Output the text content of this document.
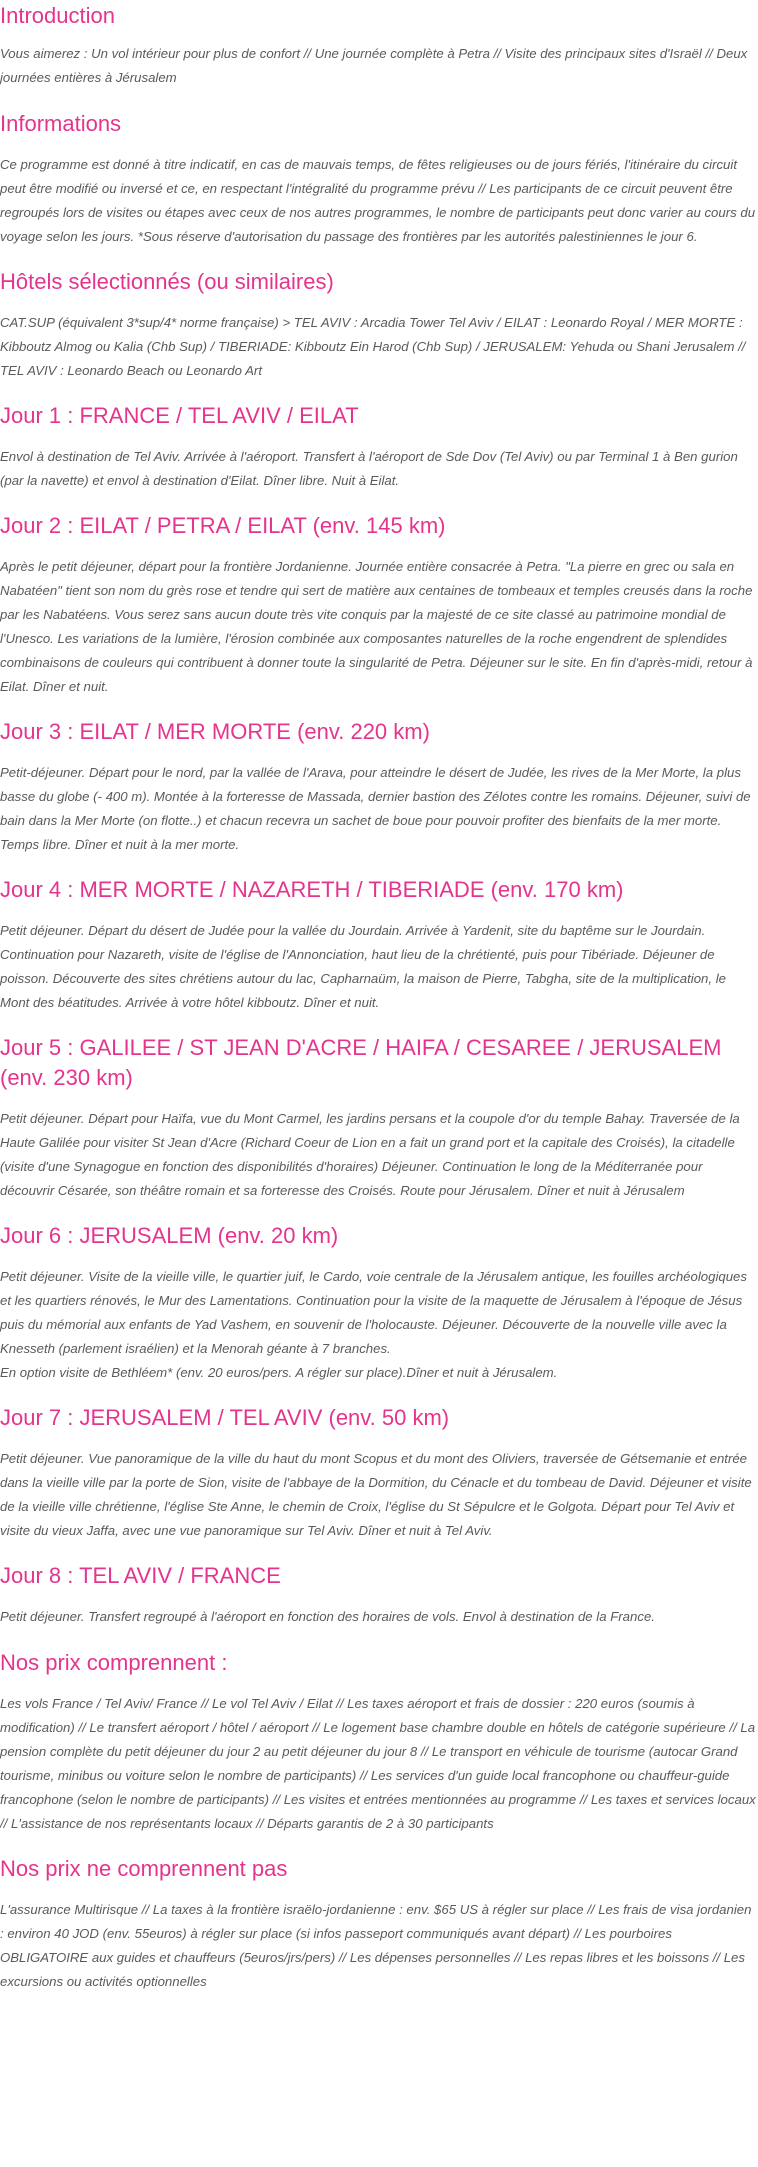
Introduction

Vous aimerez : Un vol intérieur pour plus de confort // Une journée complète à Petra // Visite des principaux sites d'Israël // Deux journées entières à Jérusalem

Informations

Ce programme est donné à titre indicatif, en cas de mauvais temps, de fêtes religieuses ou de jours fériés, l'itinéraire du circuit peut être modifié ou inversé et ce, en respectant l'intégralité du programme prévu // Les participants de ce circuit peuvent être regroupés lors de visites ou étapes avec ceux de nos autres programmes, le nombre de participants peut donc varier au cours du voyage selon les jours. *Sous réserve d'autorisation du passage des frontières par les autorités palestiniennes le jour 6.

Hôtels sélectionnés (ou similaires)

CAT.SUP (équivalent 3*sup/4* norme française) > TEL AVIV : Arcadia Tower Tel Aviv / EILAT : Leonardo Royal / MER MORTE : Kibboutz Almog ou Kalia (Chb Sup) / TIBERIADE: Kibboutz Ein Harod (Chb Sup) / JERUSALEM: Yehuda ou Shani Jerusalem // TEL AVIV : Leonardo Beach ou Leonardo Art

Jour 1 : FRANCE / TEL AVIV / EILAT

Envol à destination de Tel Aviv. Arrivée à l'aéroport. Transfert à l'aéroport de Sde Dov (Tel Aviv) ou par Terminal 1 à Ben gurion (par la navette) et envol à destination d'Eilat. Dîner libre. Nuit à Eilat.

Jour 2 : EILAT / PETRA / EILAT (env. 145 km)

Après le petit déjeuner, départ pour la frontière Jordanienne. Journée entière consacrée à Petra. "La pierre en grec ou sala en Nabatéen" tient son nom du grès rose et tendre qui sert de matière aux centaines de tombeaux et temples creusés dans la roche par les Nabatéens. Vous serez sans aucun doute très vite conquis par la majesté de ce site classé au patrimoine mondial de l'Unesco. Les variations de la lumière, l'érosion combinée aux composantes naturelles de la roche engendrent de splendides combinaisons de couleurs qui contribuent à donner toute la singularité de Petra. Déjeuner sur le site. En fin d'après-midi, retour à Eilat. Dîner et nuit.

Jour 3 : EILAT / MER MORTE (env. 220 km)

Petit-déjeuner. Départ pour le nord, par la vallée de l'Arava, pour atteindre le désert de Judée, les rives de la Mer Morte, la plus basse du globe (- 400 m). Montée à la forteresse de Massada, dernier bastion des Zélotes contre les romains. Déjeuner, suivi de bain dans la Mer Morte (on flotte..) et chacun recevra un sachet de boue pour pouvoir profiter des bienfaits de la mer morte. Temps libre. Dîner et nuit à la mer morte.

Jour 4 : MER MORTE / NAZARETH / TIBERIADE (env. 170 km)

Petit déjeuner. Départ du désert de Judée pour la vallée du Jourdain. Arrivée à Yardenit, site du baptême sur le Jourdain. Continuation pour Nazareth, visite de l'église de l'Annonciation, haut lieu de la chrétienté, puis pour Tibériade. Déjeuner de poisson. Découverte des sites chrétiens autour du lac, Capharnaüm, la maison de Pierre, Tabgha, site de la multiplication, le Mont des béatitudes. Arrivée à votre hôtel kibboutz. Dîner et nuit.

Jour 5 : GALILEE / ST JEAN D'ACRE / HAIFA / CESAREE / JERUSALEM (env. 230 km)

Petit déjeuner. Départ pour Haïfa, vue du Mont Carmel, les jardins persans et la coupole d'or du temple Bahay. Traversée de la Haute Galilée pour visiter St Jean d'Acre (Richard Coeur de Lion en a fait un grand port et la capitale des Croisés), la citadelle (visite d'une Synagogue en fonction des disponibilités d'horaires) Déjeuner. Continuation le long de la Méditerranée pour découvrir Césarée, son théâtre romain et sa forteresse des Croisés. Route pour Jérusalem. Dîner et nuit à Jérusalem

Jour 6 : JERUSALEM (env. 20 km)

Petit déjeuner. Visite de la vieille ville, le quartier juif, le Cardo, voie centrale de la Jérusalem antique, les fouilles archéologiques et les quartiers rénovés, le Mur des Lamentations. Continuation pour la visite de la maquette de Jérusalem à l'époque de Jésus puis du mémorial aux enfants de Yad Vashem, en souvenir de l'holocauste. Déjeuner. Découverte de la nouvelle ville avec la Knesseth (parlement israélien) et la Menorah géante à 7 branches.
En option visite de Bethléem* (env. 20 euros/pers. A régler sur place).Dîner et nuit à Jérusalem.

Jour 7 : JERUSALEM / TEL AVIV (env. 50 km)

Petit déjeuner. Vue panoramique de la ville du haut du mont Scopus et du mont des Oliviers, traversée de Gétsemanie et entrée dans la vieille ville par la porte de Sion, visite de l'abbaye de la Dormition, du Cénacle et du tombeau de David. Déjeuner et visite de la vieille ville chrétienne, l'église Ste Anne, le chemin de Croix, l'église du St Sépulcre et le Golgota. Départ pour Tel Aviv et visite du vieux Jaffa, avec une vue panoramique sur Tel Aviv. Dîner et nuit à Tel Aviv.

Jour 8 : TEL AVIV / FRANCE

Petit déjeuner. Transfert regroupé à l'aéroport en fonction des horaires de vols. Envol à destination de la France.

Nos prix comprennent :

Les vols France / Tel Aviv/ France // Le vol Tel Aviv / Eilat // Les taxes aéroport et frais de dossier : 220 euros (soumis à modification) // Le transfert aéroport / hôtel / aéroport // Le logement base chambre double en hôtels de catégorie supérieure // La pension complète du petit déjeuner du jour 2 au petit déjeuner du jour 8 // Le transport en véhicule de tourisme (autocar Grand tourisme, minibus ou voiture selon le nombre de participants) // Les services d'un guide local francophone ou chauffeur-guide francophone (selon le nombre de participants) // Les visites et entrées mentionnées au programme // Les taxes et services locaux // L'assistance de nos représentants locaux // Départs garantis de 2 à 30 participants

Nos prix ne comprennent pas

L'assurance Multirisque // La taxes à la frontière israëlo-jordanienne : env. $65 US à régler sur place // Les frais de visa jordanien : environ 40 JOD (env. 55euros) à régler sur place (si infos passeport communiqués avant départ) // Les pourboires OBLIGATOIRE aux guides et chauffeurs (5euros/jrs/pers) // Les dépenses personnelles // Les repas libres et les boissons // Les excursions ou activités optionnelles
